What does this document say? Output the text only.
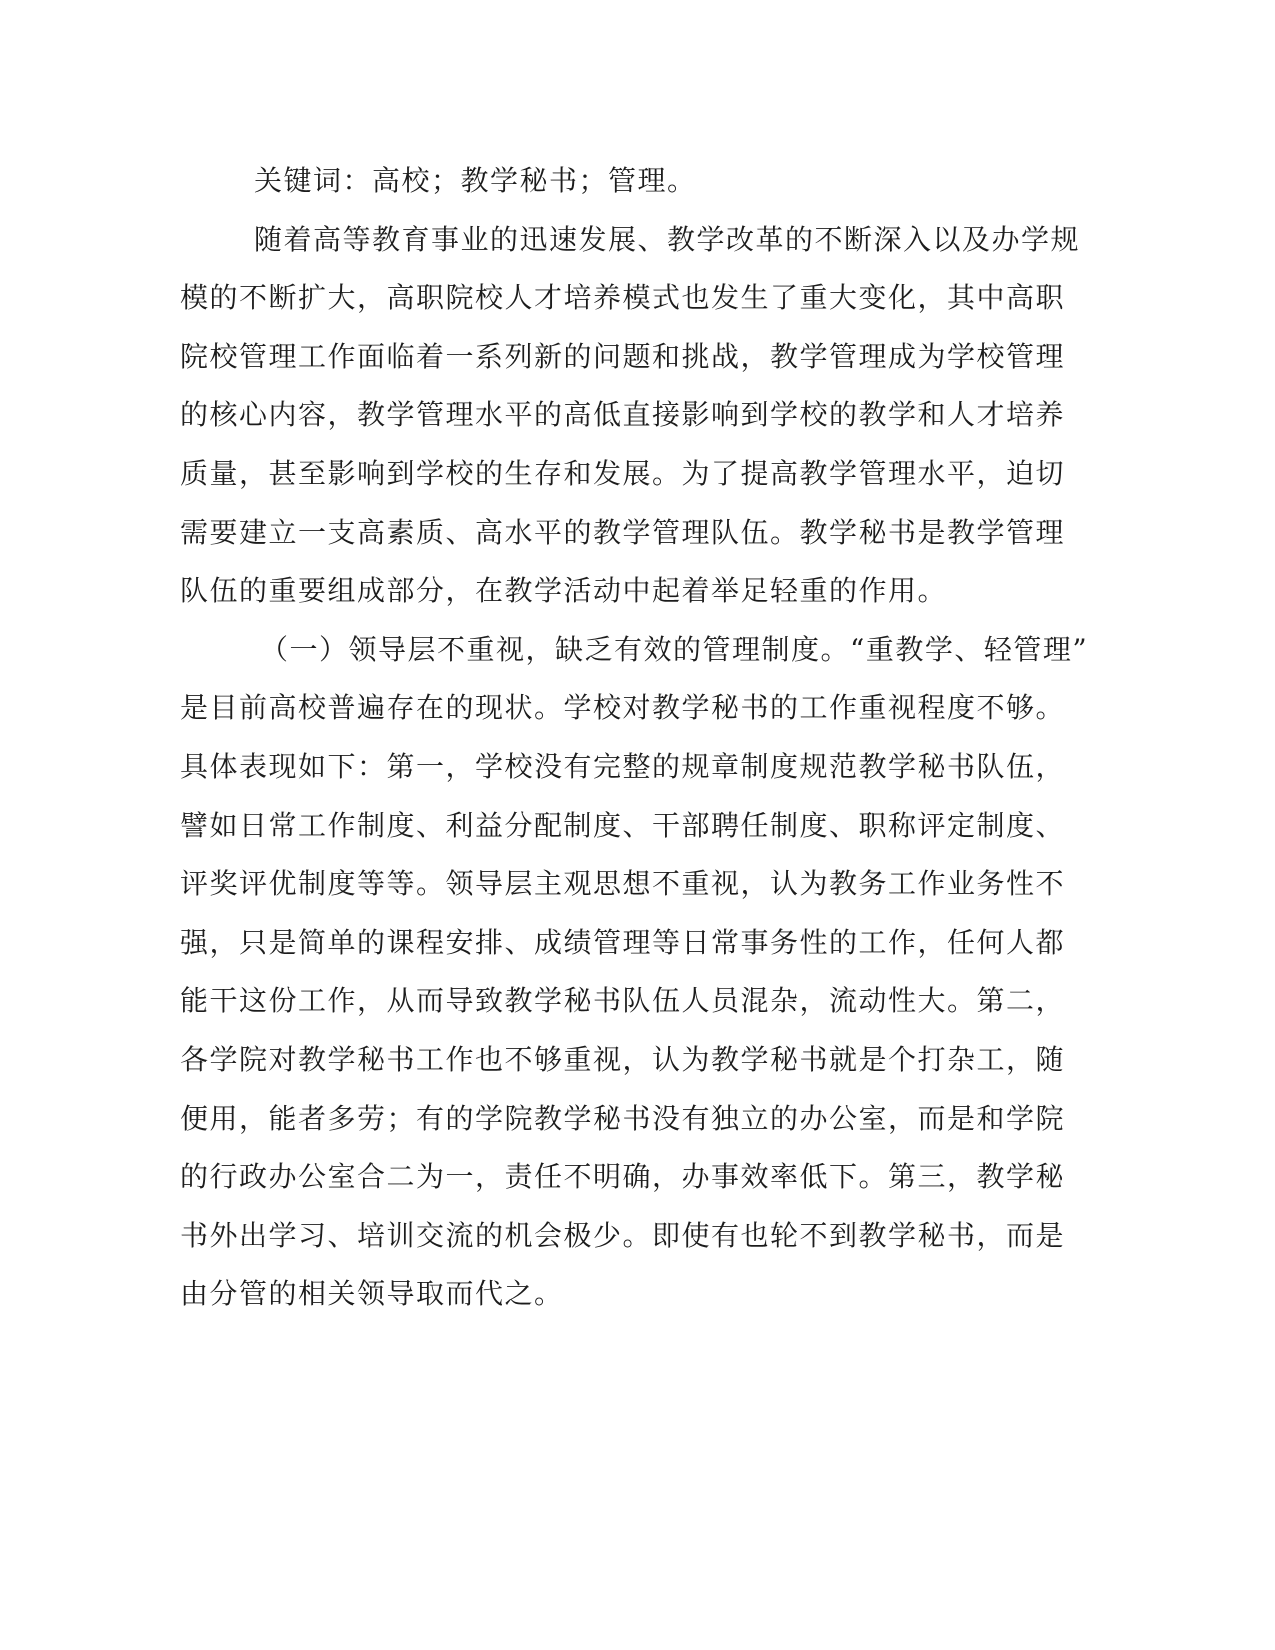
关键词：高校；教学秘书；管理。
随着高等教育事业的迅速发展、教学改革的不断深入以及办学规
模的不断扩大，高职院校人才培养模式也发生了重大变化，其中高职
院校管理工作面临着一系列新的问题和挑战，教学管理成为学校管理
的核心内容，教学管理水平的高低直接影响到学校的教学和人才培养
质量，甚至影响到学校的生存和发展。为了提高教学管理水平，迫切
需要建立一支高素质、高水平的教学管理队伍。教学秘书是教学管理
队伍的重要组成部分，在教学活动中起着举足轻重的作用。
（一）领导层不重视，缺乏有效的管理制度。“重教学、轻管理”
是目前高校普遍存在的现状。学校对教学秘书的工作重视程度不够。
具体表现如下：第一，学校没有完整的规章制度规范教学秘书队伍，
譬如日常工作制度、利益分配制度、干部聘任制度、职称评定制度、
评奖评优制度等等。领导层主观思想不重视，认为教务工作业务性不
强，只是简单的课程安排、成绩管理等日常事务性的工作，任何人都
能干这份工作，从而导致教学秘书队伍人员混杂，流动性大。第二，
各学院对教学秘书工作也不够重视，认为教学秘书就是个打杂工，随
便用，能者多劳；有的学院教学秘书没有独立的办公室，而是和学院
的行政办公室合二为一，责任不明确，办事效率低下。第三，教学秘
书外出学习、培训交流的机会极少。即使有也轮不到教学秘书，而是
由分管的相关领导取而代之。
